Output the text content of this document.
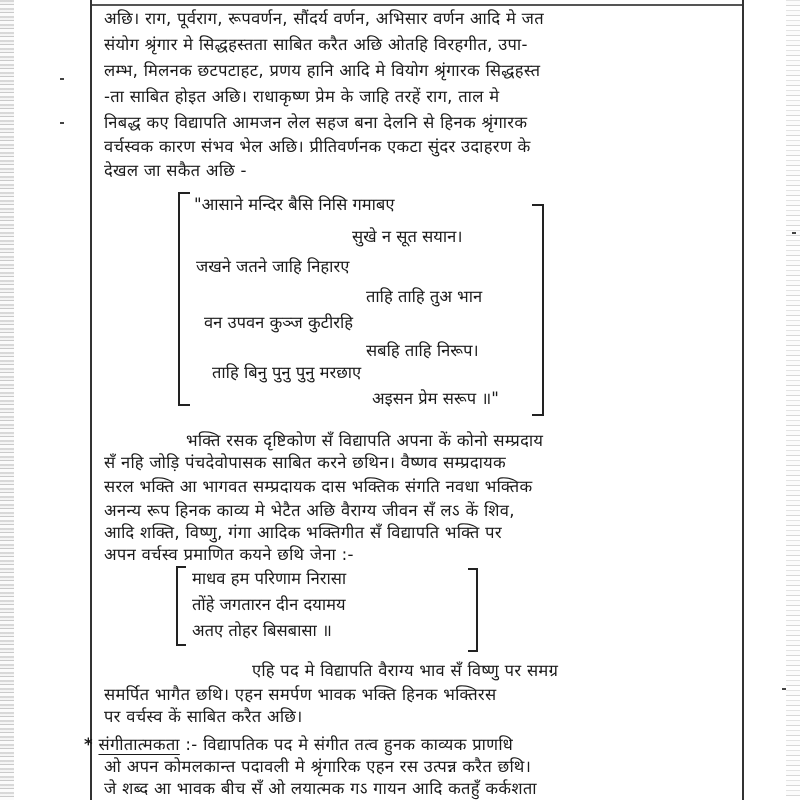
अछि। राग, पूर्वराग, रूपवर्णन, सौंदर्य वर्णन, अभिसार वर्णन आदि मे जत
संयोग श्रृंगार मे सिद्धहस्तता साबित करैत अछि ओतहि विरहगीत, उपा-
लम्भ, मिलनक छटपटाहट, प्रणय हानि आदि मे वियोग श्रृंगारक सिद्धहस्त
-ता साबित होइत अछि। राधाकृष्ण प्रेम के जाहि तरहें राग, ताल मे
निबद्ध कए विद्यापति आमजन लेल सहज बना देलनि से हिनक श्रृंगारक
वर्चस्वक कारण संभव भेल अछि। प्रीतिवर्णनक एकटा सुंदर उदाहरण के
देखल जा सकैत अछि -
"आसाने मन्दिर बैसि निसि गमाबए
सुखे न सूत सयान।
जखने जतने जाहि निहारए
ताहि ताहि तुअ भान
वन उपवन कुञ्ज कुटीरहि
सबहि ताहि निरूप।
ताहि बिनु पुनु पुनु मरछाए
अइसन प्रेम सरूप ॥"
भक्ति रसक दृष्टिकोण सँ विद्यापति अपना कें कोनो सम्प्रदाय
सँ नहि जोड़ि पंचदेवोपासक साबित करने छथिन। वैष्णव सम्प्रदायक
सरल भक्ति आ भागवत सम्प्रदायक दास भक्तिक संगति नवधा भक्तिक
अनन्य रूप हिनक काव्य मे भेटैत अछि वैराग्य जीवन सँ लऽ कें शिव,
आदि शक्ति, विष्णु, गंगा आदिक भक्तिगीत सँ विद्यापति भक्ति पर
अपन वर्चस्व प्रमाणित कयने छथि जेना :-
माधव हम परिणाम निरासा
तोंहे जगतारन दीन दयामय
अतए तोहर बिसबासा ॥
एहि पद मे विद्यापति वैराग्य भाव सँ विष्णु पर समग्र
समर्पित भागैत छथि। एहन समर्पण भावक भक्ति हिनक भक्तिरस
पर वर्चस्व कें साबित करैत अछि।
* संगीतात्मकता :- विद्यापतिक पद मे संगीत तत्व हुनक काव्यक प्राणधि
ओ अपन कोमलकान्त पदावली मे श्रृंगारिक एहन रस उत्पन्न करैत छथि।
जे शब्द आ भावक बीच सँ ओ लयात्मक गऽ गायन आदि कतहुँ कर्कशता
